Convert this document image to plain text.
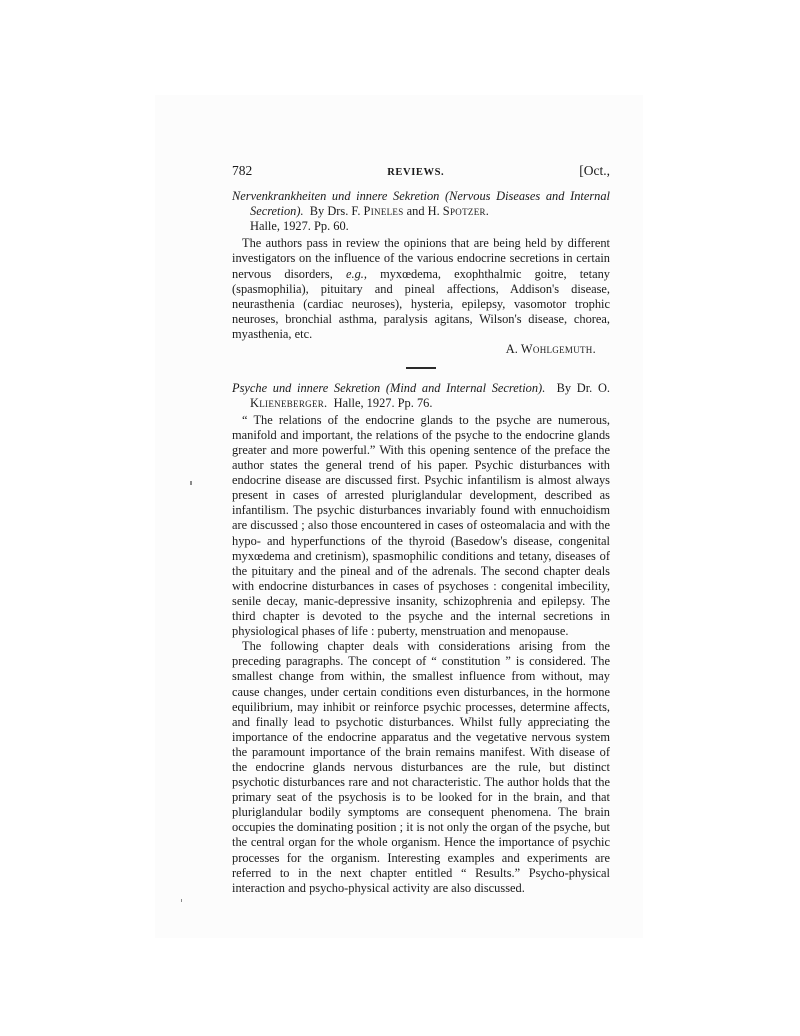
782	REVIEWS.	[Oct.,

Nervenkrankheiten und innere Sekretion (Nervous Diseases and Internal Secretion). By Drs. F. Pineles and H. Spotzer.
Halle, 1927. Pp. 60.

The authors pass in review the opinions that are being held by different investigators on the influence of the various endocrine secretions in certain nervous disorders, e.g., myxœdema, exophthalmic goitre, tetany (spasmophilia), pituitary and pineal affections, Addison's disease, neurasthenia (cardiac neuroses), hysteria, epilepsy, vasomotor trophic neuroses, bronchial asthma, paralysis agitans, Wilson's disease, chorea, myasthenia, etc.

A. Wohlgemuth.

Psyche und innere Sekretion (Mind and Internal Secretion). By Dr. O. Klieneberger. Halle, 1927. Pp. 76.

“ The relations of the endocrine glands to the psyche are numerous, manifold and important, the relations of the psyche to the endocrine glands greater and more powerful.” With this opening sentence of the preface the author states the general trend of his paper. Psychic disturbances with endocrine disease are discussed first. Psychic infantilism is almost always present in cases of arrested pluriglandular development, described as infantilism. The psychic disturbances invariably found with ennuchoidism are discussed ; also those encountered in cases of osteomalacia and with the hypo- and hyperfunctions of the thyroid (Basedow's disease, congenital myxœdema and cretinism), spasmophilic conditions and tetany, diseases of the pituitary and the pineal and of the adrenals. The second chapter deals with endocrine disturbances in cases of psychoses : congenital imbecility, senile decay, manic-depressive insanity, schizophrenia and epilepsy. The third chapter is devoted to the psyche and the internal secretions in physiological phases of life : puberty, menstruation and menopause.

The following chapter deals with considerations arising from the preceding paragraphs. The concept of “ constitution ” is considered. The smallest change from within, the smallest influence from without, may cause changes, under certain conditions even disturbances, in the hormone equilibrium, may inhibit or reinforce psychic processes, determine affects, and finally lead to psychotic disturbances. Whilst fully appreciating the importance of the endocrine apparatus and the vegetative nervous system the paramount importance of the brain remains manifest. With disease of the endocrine glands nervous disturbances are the rule, but distinct psychotic disturbances rare and not characteristic. The author holds that the primary seat of the psychosis is to be looked for in the brain, and that pluriglandular bodily symptoms are consequent phenomena. The brain occupies the dominating position ; it is not only the organ of the psyche, but the central organ for the whole organism. Hence the importance of psychic processes for the organism. Interesting examples and experiments are referred to in the next chapter entitled “ Results.” Psycho-physical interaction and psycho-physical activity are also discussed.
